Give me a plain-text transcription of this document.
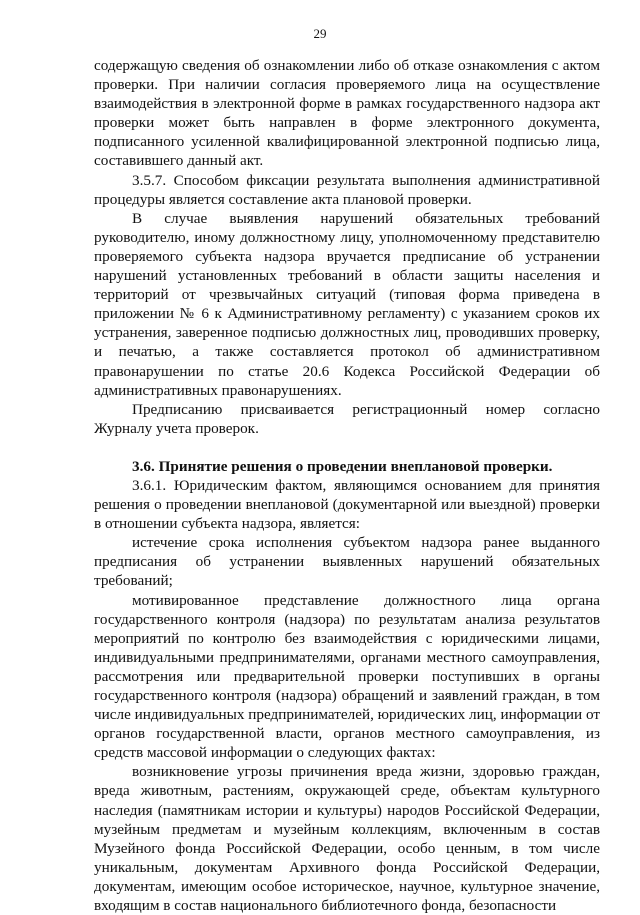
29

содержащую сведения об ознакомлении либо об отказе ознакомления с актом проверки. При наличии согласия проверяемого лица на осуществление взаимодействия в электронной форме в рамках государственного надзора акт проверки может быть направлен в форме электронного документа, подписанного усиленной квалифицированной электронной подписью лица, составившего данный акт.

3.5.7. Способом фиксации результата выполнения административной процедуры является составление акта плановой проверки.

В случае выявления нарушений обязательных требований руководителю, иному должностному лицу, уполномоченному представителю проверяемого субъекта надзора вручается предписание об устранении нарушений установленных требований в области защиты населения и территорий от чрезвычайных ситуаций (типовая форма приведена в приложении № 6 к Административному регламенту) с указанием сроков их устранения, заверенное подписью должностных лиц, проводивших проверку, и печатью, а также составляется протокол об административном правонарушении по статье 20.6 Кодекса Российской Федерации об административных правонарушениях.

Предписанию присваивается регистрационный номер согласно Журналу учета проверок.

3.6. Принятие решения о проведении внеплановой проверки.

3.6.1. Юридическим фактом, являющимся основанием для принятия решения о проведении внеплановой (документарной или выездной) проверки в отношении субъекта надзора, является:

истечение срока исполнения субъектом надзора ранее выданного предписания об устранении выявленных нарушений обязательных требований;

мотивированное представление должностного лица органа государственного контроля (надзора) по результатам анализа результатов мероприятий по контролю без взаимодействия с юридическими лицами, индивидуальными предпринимателями, органами местного самоуправления, рассмотрения или предварительной проверки поступивших в органы государственного контроля (надзора) обращений и заявлений граждан, в том числе индивидуальных предпринимателей, юридических лиц, информации от органов государственной власти, органов местного самоуправления, из средств массовой информации о следующих фактах:

возникновение угрозы причинения вреда жизни, здоровью граждан, вреда животным, растениям, окружающей среде, объектам культурного наследия (памятникам истории и культуры) народов Российской Федерации, музейным предметам и музейным коллекциям, включенным в состав Музейного фонда Российской Федерации, особо ценным, в том числе уникальным, документам Архивного фонда Российской Федерации, документам, имеющим особое историческое, научное, культурное значение, входящим в состав национального библиотечного фонда, безопасности
